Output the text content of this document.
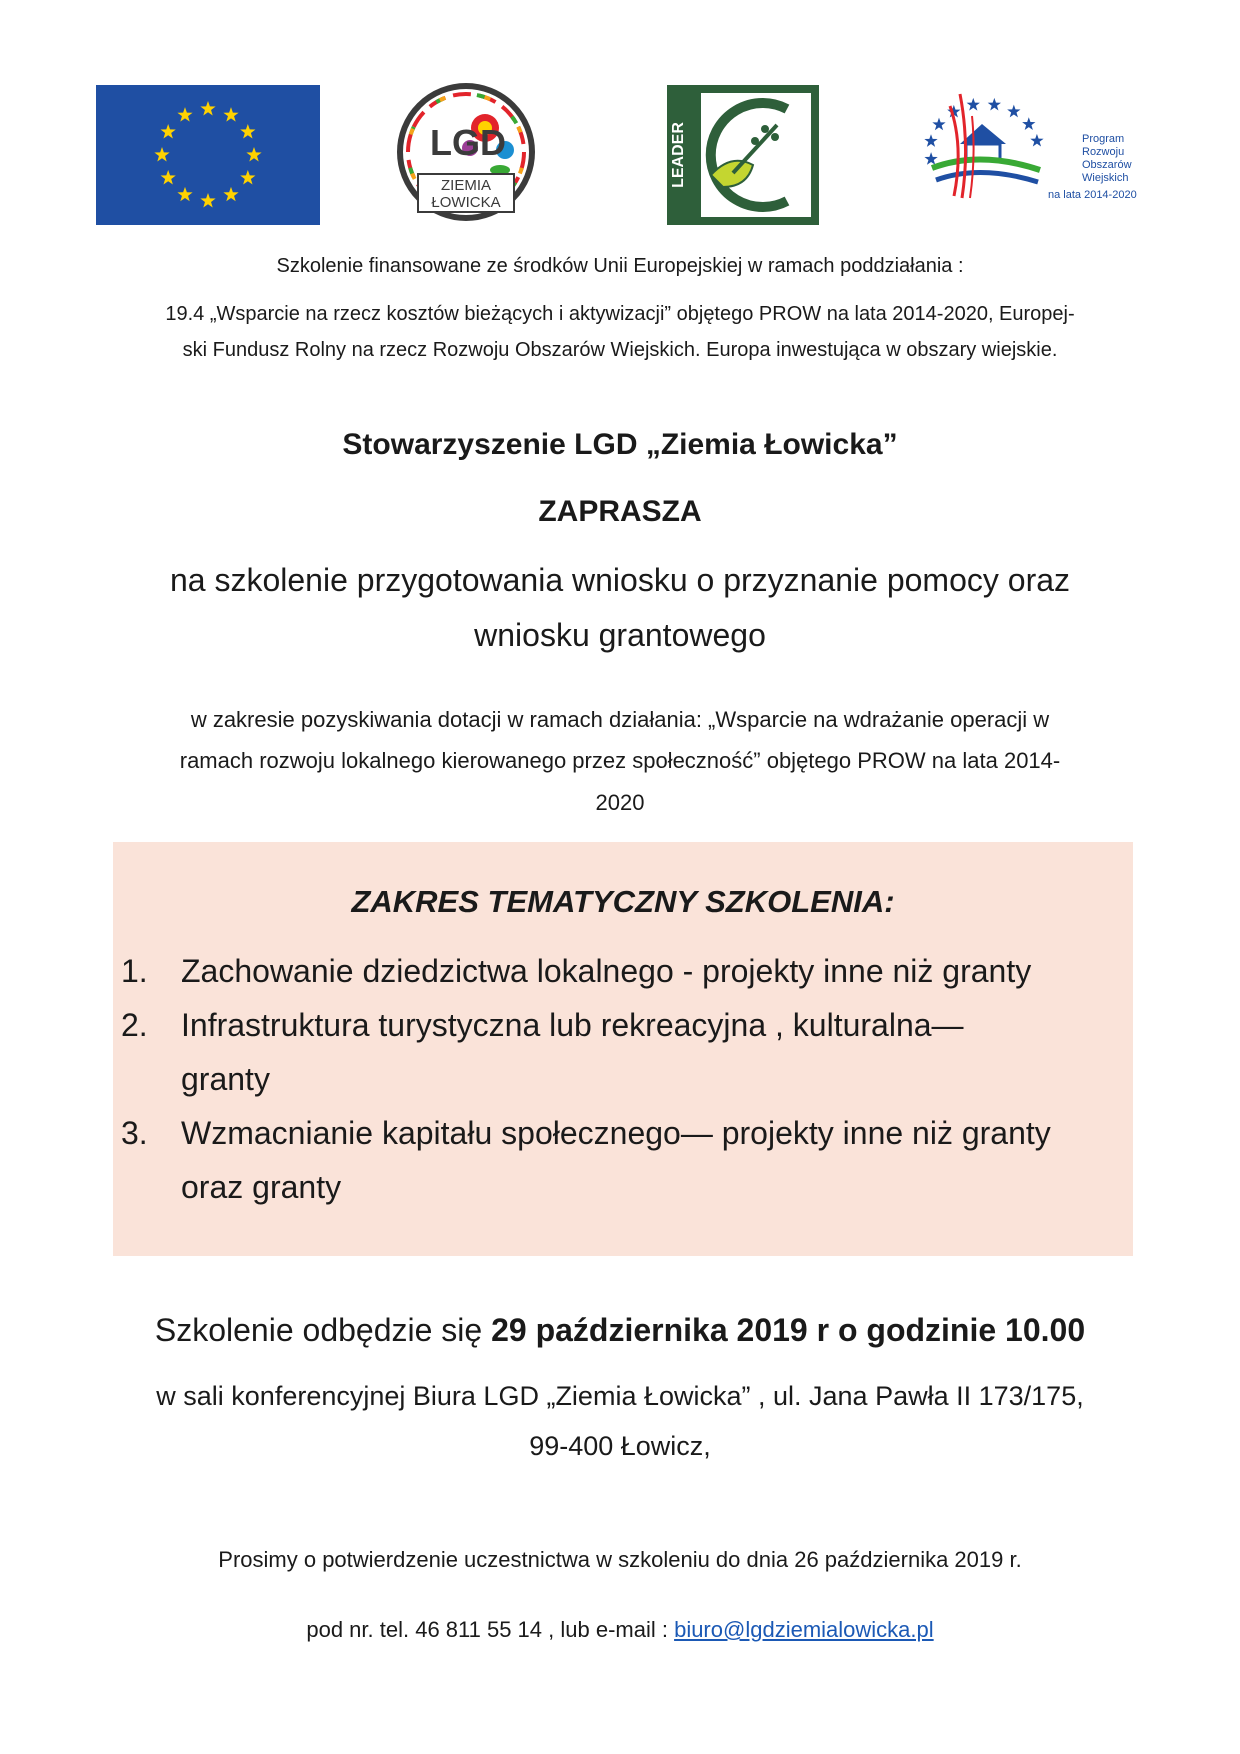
LGD
ZIEMIA
ŁOWICKA
LEADER	Program
Rozwoju
Obszarów
Wiejskich
na lata 2014-2020
Szkolenie finansowane ze środków Unii Europejskiej w ramach poddziałania :
19.4 „Wsparcie na rzecz kosztów bieżących i aktywizacji” objętego PROW na lata 2014-2020, Europej-
ski Fundusz Rolny na rzecz Rozwoju Obszarów Wiejskich. Europa inwestująca w obszary wiejskie.
Stowarzyszenie LGD „Ziemia Łowicka”
ZAPRASZA
na szkolenie przygotowania wniosku o przyznanie pomocy oraz
wniosku grantowego
w zakresie pozyskiwania dotacji w ramach działania: „Wsparcie na wdrażanie operacji w
ramach rozwoju lokalnego kierowanego przez społeczność” objętego PROW na lata 2014-
2020
ZAKRES TEMATYCZNY SZKOLENIA:
1.	Zachowanie dziedzictwa lokalnego - projekty inne niż granty
2.	Infrastruktura turystyczna lub rekreacyjna , kulturalna—
granty
3.	Wzmacnianie kapitału społecznego— projekty inne niż granty
oraz granty
Szkolenie odbędzie się 29 października 2019 r o godzinie 10.00
w sali konferencyjnej Biura LGD „Ziemia Łowicka” , ul. Jana Pawła II 173/175,
99-400 Łowicz,
Prosimy o potwierdzenie uczestnictwa w szkoleniu do dnia 26 października 2019 r.
pod nr. tel. 46 811 55 14 , lub e-mail : biuro@lgdziemialowicka.pl
